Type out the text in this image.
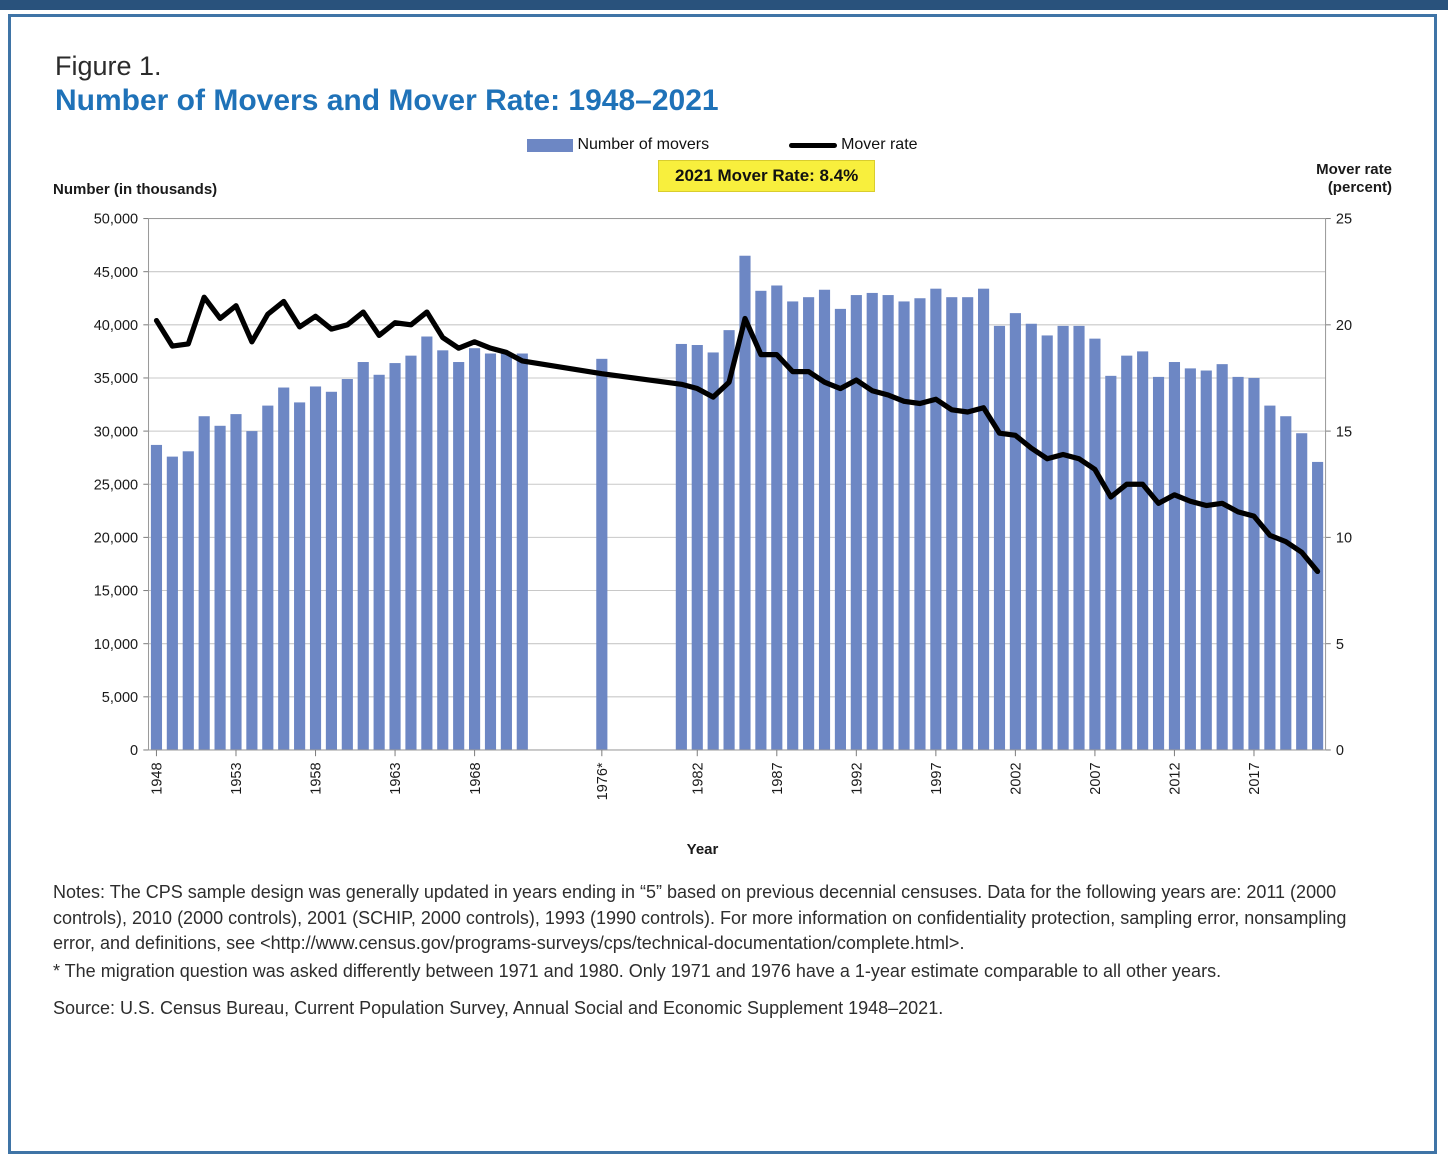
Figure 1.
Number of Movers and Mover Rate: 1948–2021
Number of movers	Mover rate
Number (in thousands)
2021 Mover Rate: 8.4%	Mover rate
(percent)
0
5,000
10,000
15,000
20,000
25,000
30,000
35,000
40,000
45,000
50,000
0
5
10
15
20
25
1948	1953	1958	1963	1968	1976*	1982	1987	1992	1997	2002	2007	2012	2017
Year

Notes: The CPS sample design was generally updated in years ending in “5” based on previous decennial censuses. Data for the following years are: 2011 (2000 controls), 2010 (2000 controls), 2001 (SCHIP, 2000 controls), 1993 (1990 controls). For more information on confidentiality protection, sampling error, nonsampling error, and definitions, see <http://www.census.gov/programs-surveys/cps/technical-documentation/complete.html>.

* The migration question was asked differently between 1971 and 1980. Only 1971 and 1976 have a 1-year estimate comparable to all other years.

Source: U.S. Census Bureau, Current Population Survey, Annual Social and Economic Supplement 1948–2021.
